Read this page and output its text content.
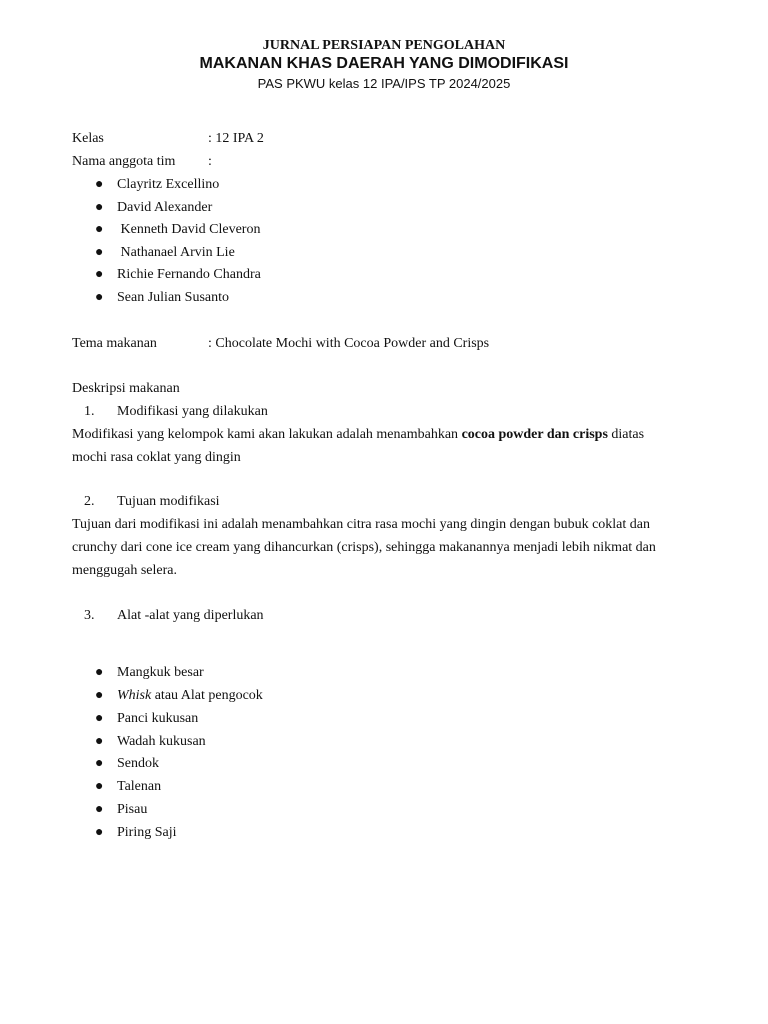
JURNAL PERSIAPAN PENGOLAHAN
MAKANAN KHAS DAERAH YANG DIMODIFIKASI
PAS PKWU kelas 12 IPA/IPS TP 2024/2025
Kelas	: 12 IPA 2
Nama anggota tim :
● Clayritz Excellino
● David Alexander
● Kenneth David Cleveron
● Nathanael Arvin Lie
● Richie Fernando Chandra
● Sean Julian Susanto
Tema makanan	: Chocolate Mochi with Cocoa Powder and Crisps
Deskripsi makanan
1. Modifikasi yang dilakukan
Modifikasi yang kelompok kami akan lakukan adalah menambahkan cocoa powder dan crisps diatas
mochi rasa coklat yang dingin
2. Tujuan modifikasi
Tujuan dari modifikasi ini adalah menambahkan citra rasa mochi yang dingin dengan bubuk coklat dan
crunchy dari cone ice cream yang dihancurkan (crisps), sehingga makanannya menjadi lebih nikmat dan
menggugah selera.
3. Alat -alat yang diperlukan
● Mangkuk besar
● Whisk atau Alat pengocok
● Panci kukusan
● Wadah kukusan
● Sendok
● Talenan
● Pisau
● Piring Saji
